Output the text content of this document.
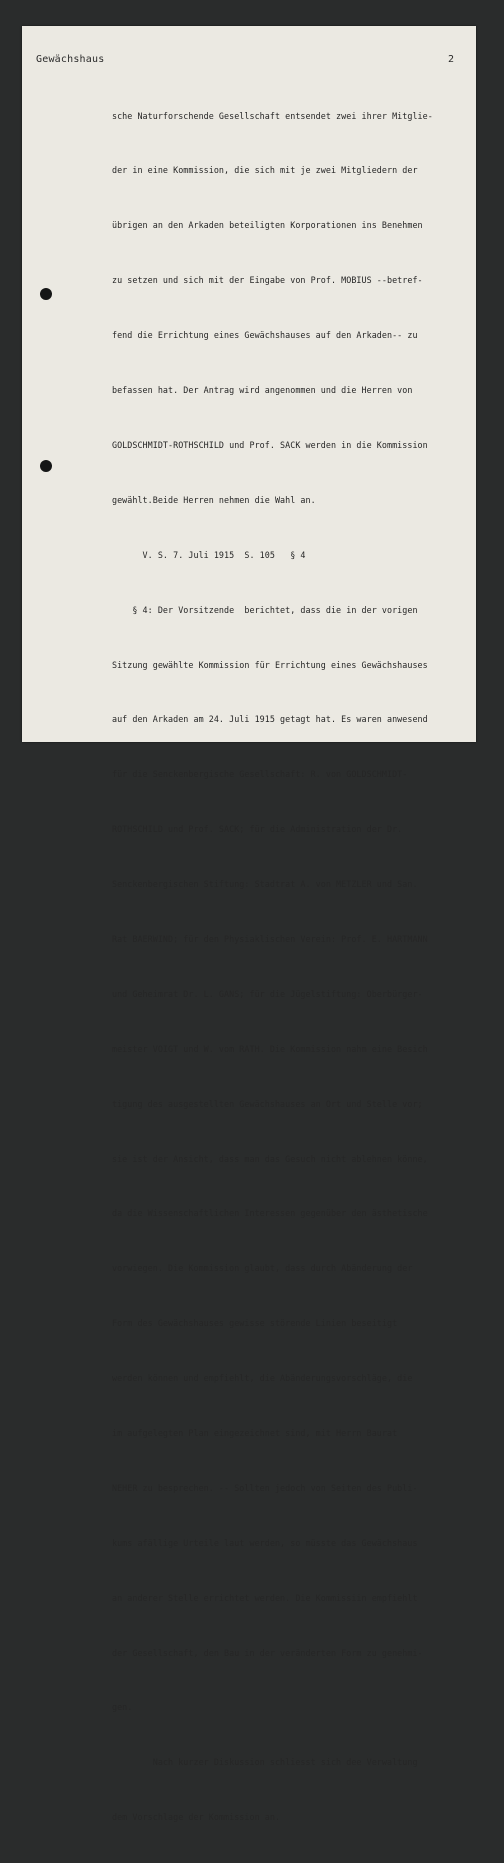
Gewächshaus	2

sche Naturforschende Gesellschaft entsendet zwei ihrer Mitglie-

der in eine Kommission, die sich mit je zwei Mitgliedern der

übrigen an den Arkaden beteiligten Korporationen ins Benehmen

zu setzen und sich mit der Eingabe von Prof. MOBIUS --betref-

fend die Errichtung eines Gewächshauses auf den Arkaden-- zu

befassen hat. Der Antrag wird angenommen und die Herren von

GOLDSCHMIDT-ROTHSCHILD und Prof. SACK werden in die Kommission

gewählt.Beide Herren nehmen die Wahl an.

V. S. 7. Juli 1915  S. 105   § 4

§ 4: Der Vorsitzende  berichtet, dass die in der vorigen

Sitzung gewählte Kommission für Errichtung eines Gewächshauses

auf den Arkaden am 24. Juli 1915 getagt hat. Es waren anwesend

für die Senckenbergische Gesellschaft: R. von GOLDSCHMIDT-

ROTHSCHILD und Prof. SACK; für die Administration der Dr.

Senckenbergischen Stiftung: Stadtrat A. von METZLER und San.

Rat BAERWIND; für den Physiaklischen Verein: Prof. E. HARTMANN

und Geheimrat Dr. L. GANS; für die Jügelstiftung: Oberbürger-

meister VOIGT und W. vom RATH. Die Kommission nahm eine Besich

tigung des ausgestellten Gewächshauses an Ort und Stelle vor;

sie ist der Ansicht, dass man das Gesuch nicht ablehnen könne,

da die Wissenschaftlichen Interessen gegenüber den ästhetische

vorwiegen. Die Kommission glaubt, dass durch Abänderung der

Form des Gewächshauses gewisse störende Linien beseitigt

werden können und empfiehlt, die Abänderungsvorschläge, die

im aufgelegten Plan eingezeichnet sind, mit Herrn Baurat

NEHER zu besprechen. -- Sollten jedoch von Seiten des Publi-

kums afällige Urteile laut werden, so müsste das Gewächshaus

an anderer Stelle errichtet werden. Die Kommissiin empfiehlt

der Gesellschaft, den Bau in der veränderten Form zu genehmi-

gen.

Nach kurzer Diskussion schliesst sich dee Verwaltung

dem Vorschlage der Kommission an.
